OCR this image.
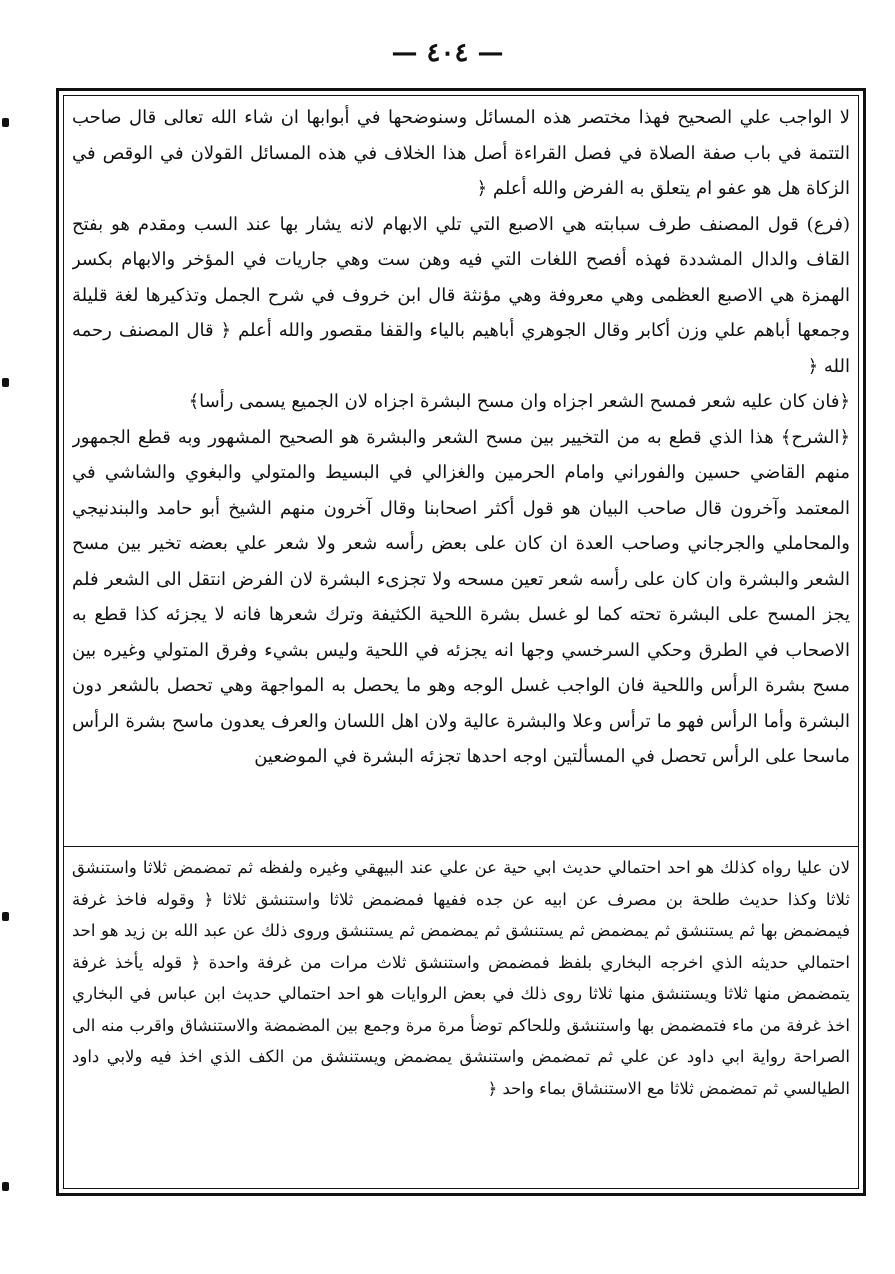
— ٤٠٤ —

لا الواجب علي الصحيح فهذا مختصر هذه المسائل وسنوضحها في أبوابها ان شاء الله تعالى قال صاحب التتمة في باب صفة الصلاة في فصل القراءة أصل هذا الخلاف في هذه المسائل القولان في الوقص في الزكاة هل هو عفو ام يتعلق به الفرض والله أعلم ﴿

(فرع) قول المصنف طرف سبابته هي الاصبع التي تلي الابهام لانه يشار بها عند السب ومقدم هو بفتح القاف والدال المشددة فهذه أفصح اللغات التي فيه وهن ست وهي جاريات في المؤخر والابهام بكسر الهمزة هي الاصبع العظمى وهي معروفة وهي مؤنثة قال ابن خروف في شرح الجمل وتذكيرها لغة قليلة وجمعها أباهم علي وزن أكابر وقال الجوهري أباهيم بالياء والقفا مقصور والله أعلم ﴿ قال المصنف رحمه الله ﴿

﴿فان كان عليه شعر فمسح الشعر اجزاه وان مسح البشرة اجزاه لان الجميع يسمى رأسا﴾

﴿الشرح﴾ هذا الذي قطع به من التخيير بين مسح الشعر والبشرة هو الصحيح المشهور وبه قطع الجمهور منهم القاضي حسين والفوراني وامام الحرمين والغزالي في البسيط والمتولي والبغوي والشاشي في المعتمد وآخرون قال صاحب البيان هو قول أكثر اصحابنا وقال آخرون منهم الشيخ أبو حامد والبندنيجي والمحاملي والجرجاني وصاحب العدة ان كان على بعض رأسه شعر ولا شعر علي بعضه تخير بين مسح الشعر والبشرة وان كان على رأسه شعر تعين مسحه ولا تجزىء البشرة لان الفرض انتقل الى الشعر فلم يجز المسح على البشرة تحته كما لو غسل بشرة اللحية الكثيفة وترك شعرها فانه لا يجزئه كذا قطع به الاصحاب في الطرق وحكي السرخسي وجها انه يجزئه في اللحية وليس بشيء وفرق المتولي وغيره بين مسح بشرة الرأس واللحية فان الواجب غسل الوجه وهو ما يحصل به المواجهة وهي تحصل بالشعر دون البشرة وأما الرأس فهو ما ترأس وعلا والبشرة عالية ولان اهل اللسان والعرف يعدون ماسح بشرة الرأس ماسحا على الرأس تحصل في المسألتين اوجه احدها تجزئه البشرة في الموضعين

لان عليا رواه كذلك هو احد احتمالي حديث ابي حية عن علي عند البيهقي وغيره ولفظه ثم تمضمض ثلاثا واستنشق ثلاثا وكذا حديث طلحة بن مصرف عن ابيه عن جده ففيها فمضمض ثلاثا واستنشق ثلاثا ﴿ وقوله فاخذ غرفة فيمضمض بها ثم يستنشق ثم يمضمض ثم يستنشق ثم يمضمض ثم يستنشق وروى ذلك عن عبد الله بن زيد هو احد احتمالي حديثه الذي اخرجه البخاري بلفظ فمضمض واستنشق ثلاث مرات من غرفة واحدة ﴿ قوله يأخذ غرفة يتمضمض منها ثلاثا ويستنشق منها ثلاثا روى ذلك في بعض الروايات هو احد احتمالي حديث ابن عباس في البخاري اخذ غرفة من ماء فتمضمض بها واستنشق وللحاكم توضأ مرة مرة وجمع بين المضمضة والاستنشاق واقرب منه الى الصراحة رواية ابي داود عن علي ثم تمضمض واستنشق يمضمض ويستنشق من الكف الذي اخذ فيه ولابي داود الطيالسي ثم تمضمض ثلاثا مع الاستنشاق بماء واحد ﴿
